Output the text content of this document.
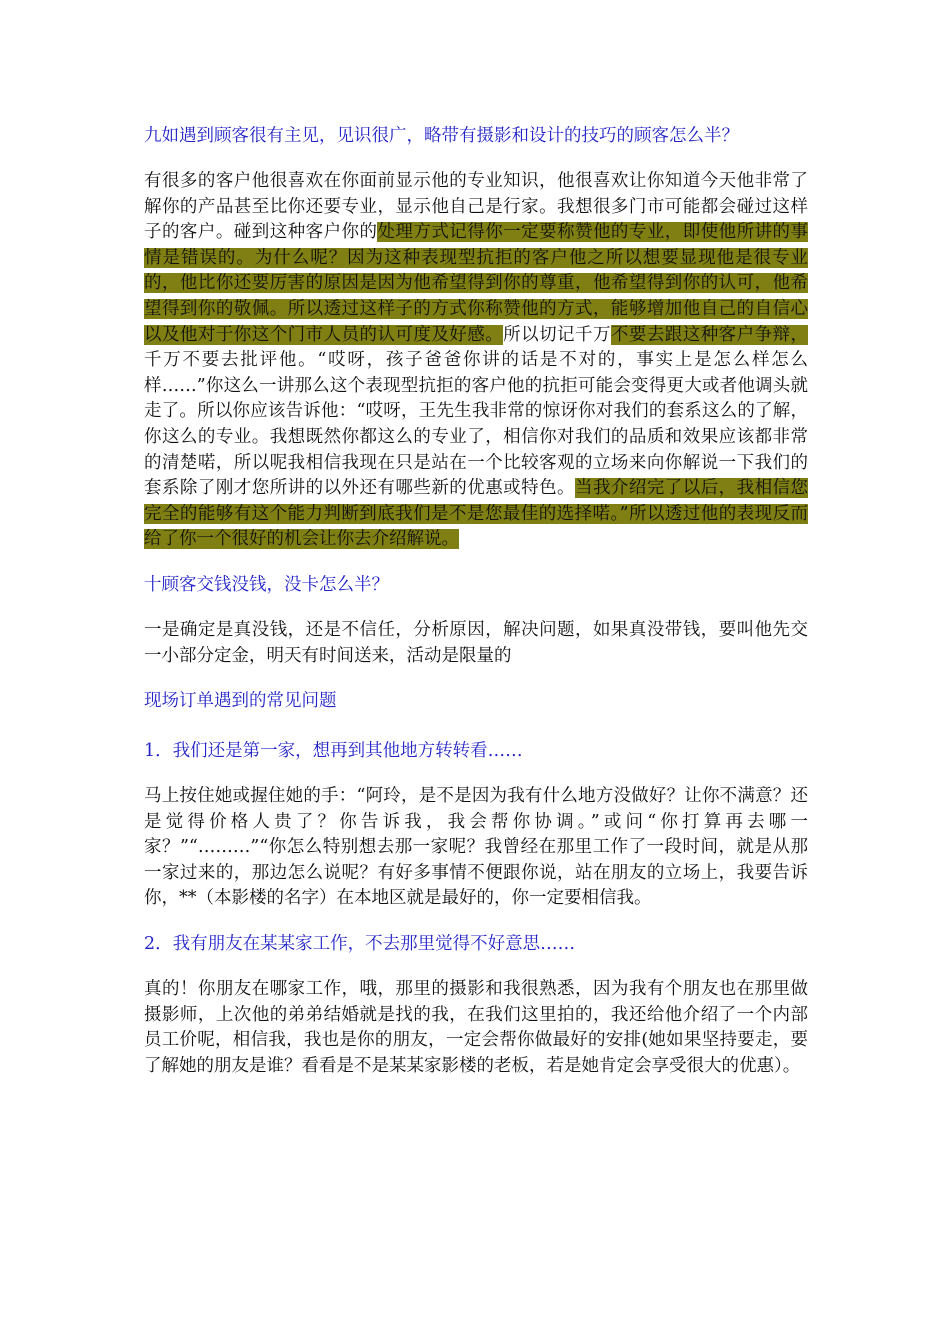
九如遇到顾客很有主见，见识很广，略带有摄影和设计的技巧的顾客怎么半？

有很多的客户他很喜欢在你面前显示他的专业知识，他很喜欢让你知道今天他非常了解你的产品甚至比你还要专业，显示他自己是行家。我想很多门市可能都会碰过这样子的客户。碰到这种客户你的处理方式记得你一定要称赞他的专业，即使他所讲的事情是错误的。为什么呢？因为这种表现型抗拒的客户他之所以想要显现他是很专业的，他比你还要厉害的原因是因为他希望得到你的尊重，他希望得到你的认可，他希望得到你的敬佩。所以透过这样子的方式你称赞他的方式，能够增加他自己的自信心以及他对于你这个门市人员的认可度及好感。所以切记千万不要去跟这种客户争辩，千万不要去批评他。“哎呀，孩子爸爸你讲的话是不对的，事实上是怎么样怎么样……”你这么一讲那么这个表现型抗拒的客户他的抗拒可能会变得更大或者他调头就走了。所以你应该告诉他：“哎呀，王先生我非常的惊讶你对我们的套系这么的了解，你这么的专业。我想既然你都这么的专业了，相信你对我们的品质和效果应该都非常的清楚喏，所以呢我相信我现在只是站在一个比较客观的立场来向你解说一下我们的套系除了刚才您所讲的以外还有哪些新的优惠或特色。当我介绍完了以后，我相信您完全的能够有这个能力判断到底我们是不是您最佳的选择喏。”所以透过他的表现反而给了你一个很好的机会让你去介绍解说。

十顾客交钱没钱，没卡怎么半？

一是确定是真没钱，还是不信任，分析原因，解决问题，如果真没带钱，要叫他先交一小部分定金，明天有时间送来，活动是限量的

现场订单遇到的常见问题

1．我们还是第一家，想再到其他地方转转看……

马上按住她或握住她的手：“阿玲，是不是因为我有什么地方没做好？让你不满意？还是觉得价格人贵了？你告诉我，我会帮你协调。”或问“你打算再去哪一家？”“………”“你怎么特别想去那一家呢？我曾经在那里工作了一段时间，就是从那一家过来的，那边怎么说呢？有好多事情不便跟你说，站在朋友的立场上，我要告诉你，**（本影楼的名字）在本地区就是最好的，你一定要相信我。

2．我有朋友在某某家工作，不去那里觉得不好意思……

真的！你朋友在哪家工作，哦，那里的摄影和我很熟悉，因为我有个朋友也在那里做摄影师，上次他的弟弟结婚就是找的我，在我们这里拍的，我还给他介绍了一个内部员工价呢，相信我，我也是你的朋友，一定会帮你做最好的安排(她如果坚持要走，要了解她的朋友是谁？看看是不是某某家影楼的老板，若是她肯定会享受很大的优惠）。
